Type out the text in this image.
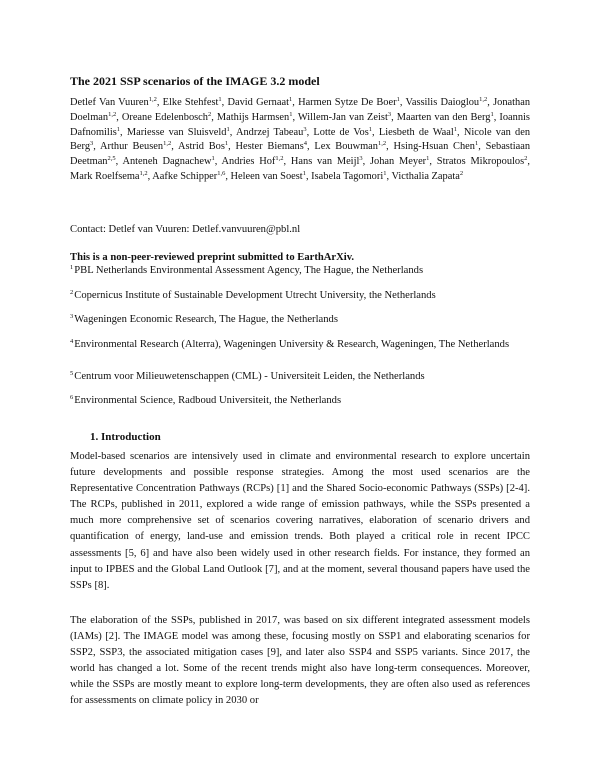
The 2021 SSP scenarios of the IMAGE 3.2 model
Detlef Van Vuuren$^{1,2}$, Elke Stehfest$^1$, David Gernaat$^1$, Harmen Sytze De Boer$^1$, Vassilis Daioglou$^{1,2}$, Jonathan Doelman$^{1,2}$, Oreane Edelenbosch$^2$, Mathijs Harmsen$^1$, Willem-Jan van Zeist$^3$, Maarten van den Berg$^1$, Ioannis Dafnomilis$^1$, Mariesse van Sluisveld$^1$, Andrzej Tabeau$^3$, Lotte de Vos$^1$, Liesbeth de Waal$^1$, Nicole van den Berg$^3$, Arthur Beusen$^{1,2}$, Astrid Bos$^1$, Hester Biemans$^4$, Lex Bouwman$^{1,2}$, Hsing-Hsuan Chen$^1$, Sebastiaan Deetman$^{2,5}$, Anteneh Dagnachew$^1$, Andries Hof$^{1,2}$, Hans van Meijl$^3$, Johan Meyer$^1$, Stratos Mikropoulos$^2$, Mark Roelfsema$^{1,2}$, Aafke Schipper$^{1,6}$, Heleen van Soest$^1$, Isabela Tagomori$^1$, Victhalia Zapata$^2$
Contact: Detlef van Vuuren: Detlef.vanvuuren@pbl.nl
This is a non-peer-reviewed preprint submitted to EarthArXiv.
$^1$PBL Netherlands Environmental Assessment Agency, The Hague, the Netherlands
$^2$Copernicus Institute of Sustainable Development Utrecht University, the Netherlands
$^3$Wageningen Economic Research, The Hague, the Netherlands
$^4$Environmental Research (Alterra), Wageningen University & Research, Wageningen, The Netherlands
$^5$Centrum voor Milieuwetenschappen (CML) - Universiteit Leiden, the Netherlands
$^6$Environmental Science, Radboud Universiteit, the Netherlands
1. Introduction
Model-based scenarios are intensively used in climate and environmental research to explore uncertain future developments and possible response strategies. Among the most used scenarios are the Representative Concentration Pathways (RCPs) [1] and the Shared Socio-economic Pathways (SSPs) [2-4]. The RCPs, published in 2011, explored a wide range of emission pathways, while the SSPs presented a much more comprehensive set of scenarios covering narratives, elaboration of scenario drivers and quantification of energy, land-use and emission trends. Both played a critical role in recent IPCC assessments [5, 6] and have also been widely used in other research fields. For instance, they formed an input to IPBES and the Global Land Outlook [7], and at the moment, several thousand papers have used the SSPs [8].
The elaboration of the SSPs, published in 2017, was based on six different integrated assessment models (IAMs) [2]. The IMAGE model was among these, focusing mostly on SSP1 and elaborating scenarios for SSP2, SSP3, the associated mitigation cases [9], and later also SSP4 and SSP5 variants. Since 2017, the world has changed a lot. Some of the recent trends might also have long-term consequences. Moreover, while the SSPs are mostly meant to explore long-term developments, they are often also used as references for assessments on climate policy in 2030 or
